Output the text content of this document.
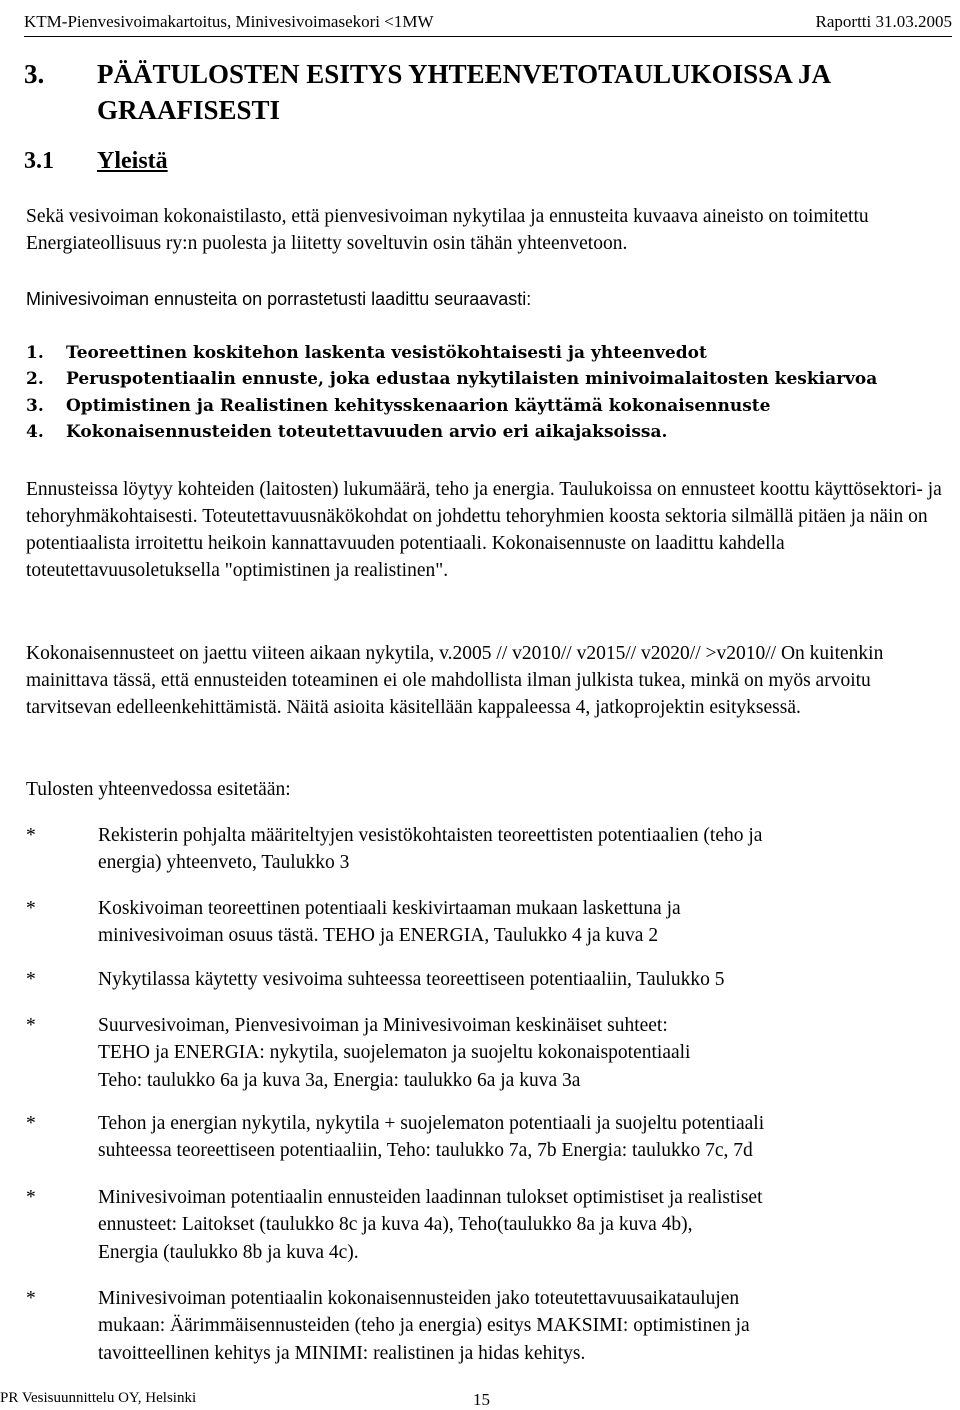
KTM-Pienvesivoimakartoitus, Minivesivoimasekori <1MW	Raportti 31.03.2005
3. PÄÄTULOSTEN ESITYS YHTEENVETOTAULUKOISSA JA GRAAFISESTI
3.1 Yleistä
Sekä vesivoiman kokonaistilasto, että pienvesivoiman nykytilaa ja ennusteita kuvaava aineisto on toimitettu Energiateollisuus ry:n puolesta ja liitetty soveltuvin osin tähän yhteenvetoon.
Minivesivoiman ennusteita on porrastetusti laadittu seuraavasti:
1. Teoreettinen koskitehon laskenta vesistökohtaisesti ja yhteenvedot
2. Peruspotentiaalin ennuste, joka edustaa nykytilaisten minivoimalaitosten keskiarvoa
3. Optimistinen ja Realistinen kehitysskenaarion käyttämä kokonaisennuste
4. Kokonaisennusteiden toteutettavuuden arvio eri aikajaksoissa.
Ennusteissa löytyy kohteiden (laitosten) lukumäärä, teho ja energia. Taulukoissa on ennusteet koottu käyttösektori- ja tehoryhmäkohtaisesti. Toteutettavuusnäkökohdat on johdettu tehoryhmien koosta sektoria silmällä pitäen ja näin on potentiaalista irroitettu heikoin kannattavuuden potentiaali. Kokonaisennuste on laadittu kahdella toteutettavuusoletuksella "optimistinen ja realistinen".
Kokonaisennusteet on jaettu viiteen aikaan nykytila, v.2005 // v2010// v2015// v2020// >v2010// On kuitenkin mainittava tässä, että ennusteiden toteaminen ei ole mahdollista ilman julkista tukea, minkä on myös arvoitu tarvitsevan edelleenkehittämistä. Näitä asioita käsitellään kappaleessa 4, jatkoprojektin esityksessä.
Tulosten yhteenvedossa esitetään:
*	Rekisterin pohjalta määriteltyjen vesistökohtaisten teoreettisten potentiaalien (teho ja
energia) yhteenveto, Taulukko 3
*	Koskivoiman teoreettinen potentiaali keskivirtaaman mukaan laskettuna ja
minivesivoiman osuus tästä. TEHO ja ENERGIA, Taulukko 4 ja kuva 2
*	Nykytilassa käytetty vesivoima suhteessa teoreettiseen potentiaaliin, Taulukko 5
*	Suurvesivoiman, Pienvesivoiman ja Minivesivoiman keskinäiset suhteet:
TEHO ja ENERGIA: nykytila, suojelematon ja suojeltu kokonaispotentiaali
Teho: taulukko 6a ja kuva 3a, Energia: taulukko 6a ja kuva 3a
*	Tehon ja energian nykytila, nykytila + suojelematon potentiaali ja suojeltu potentiaali
suhteessa teoreettiseen potentiaaliin, Teho: taulukko 7a, 7b Energia: taulukko 7c, 7d
*	Minivesivoiman potentiaalin ennusteiden laadinnan tulokset optimistiset ja realistiset
ennusteet: Laitokset (taulukko 8c ja kuva 4a), Teho(taulukko 8a ja kuva 4b),
Energia (taulukko 8b ja kuva 4c).
*	Minivesivoiman potentiaalin kokonaisennusteiden jako toteutettavuusaikataulujen
mukaan: Äärimmäisennusteiden (teho ja energia) esitys MAKSIMI: optimistinen ja
tavoitteellinen kehitys ja MINIMI: realistinen ja hidas kehitys.
PR Vesisuunnittelu OY, Helsinki	15
